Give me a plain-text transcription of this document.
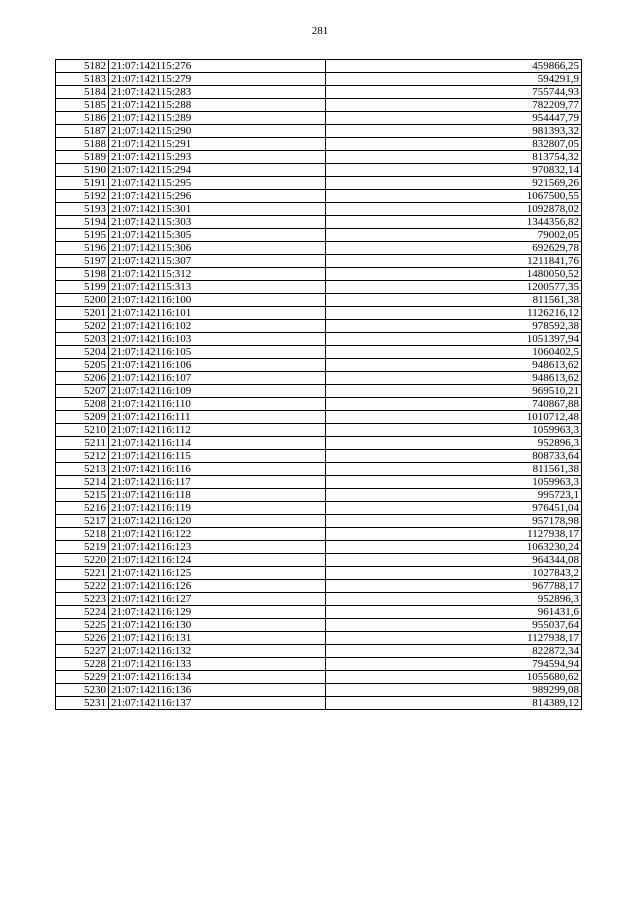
281
5182	21:07:142115:276	459866,25
5183	21:07:142115:279	594291,9
5184	21:07:142115:283	755744,93
5185	21:07:142115:288	782209,77
5186	21:07:142115:289	954447,79
5187	21:07:142115:290	981393,32
5188	21:07:142115:291	832807,05
5189	21:07:142115:293	813754,32
5190	21:07:142115:294	970832,14
5191	21:07:142115:295	921569,26
5192	21:07:142115:296	1067500,55
5193	21:07:142115:301	1092878,02
5194	21:07:142115:303	1344356,82
5195	21:07:142115:305	79002,05
5196	21:07:142115:306	692629,78
5197	21:07:142115:307	1211841,76
5198	21:07:142115:312	1480050,52
5199	21:07:142115:313	1200577,35
5200	21:07:142116:100	811561,38
5201	21:07:142116:101	1126216,12
5202	21:07:142116:102	978592,38
5203	21:07:142116:103	1051397,94
5204	21:07:142116:105	1060402,5
5205	21:07:142116:106	948613,62
5206	21:07:142116:107	948613,62
5207	21:07:142116:109	969510,21
5208	21:07:142116:110	740867,88
5209	21:07:142116:111	1010712,48
5210	21:07:142116:112	1059963,3
5211	21:07:142116:114	952896,3
5212	21:07:142116:115	808733,64
5213	21:07:142116:116	811561,38
5214	21:07:142116:117	1059963,3
5215	21:07:142116:118	995723,1
5216	21:07:142116:119	976451,04
5217	21:07:142116:120	957178,98
5218	21:07:142116:122	1127938,17
5219	21:07:142116:123	1063230,24
5220	21:07:142116:124	964344,08
5221	21:07:142116:125	1027843,2
5222	21:07:142116:126	967788,17
5223	21:07:142116:127	952896,3
5224	21:07:142116:129	961431,6
5225	21:07:142116:130	955037,64
5226	21:07:142116:131	1127938,17
5227	21:07:142116:132	822872,34
5228	21:07:142116:133	794594,94
5229	21:07:142116:134	1055680,62
5230	21:07:142116:136	989299,08
5231	21:07:142116:137	814389,12
